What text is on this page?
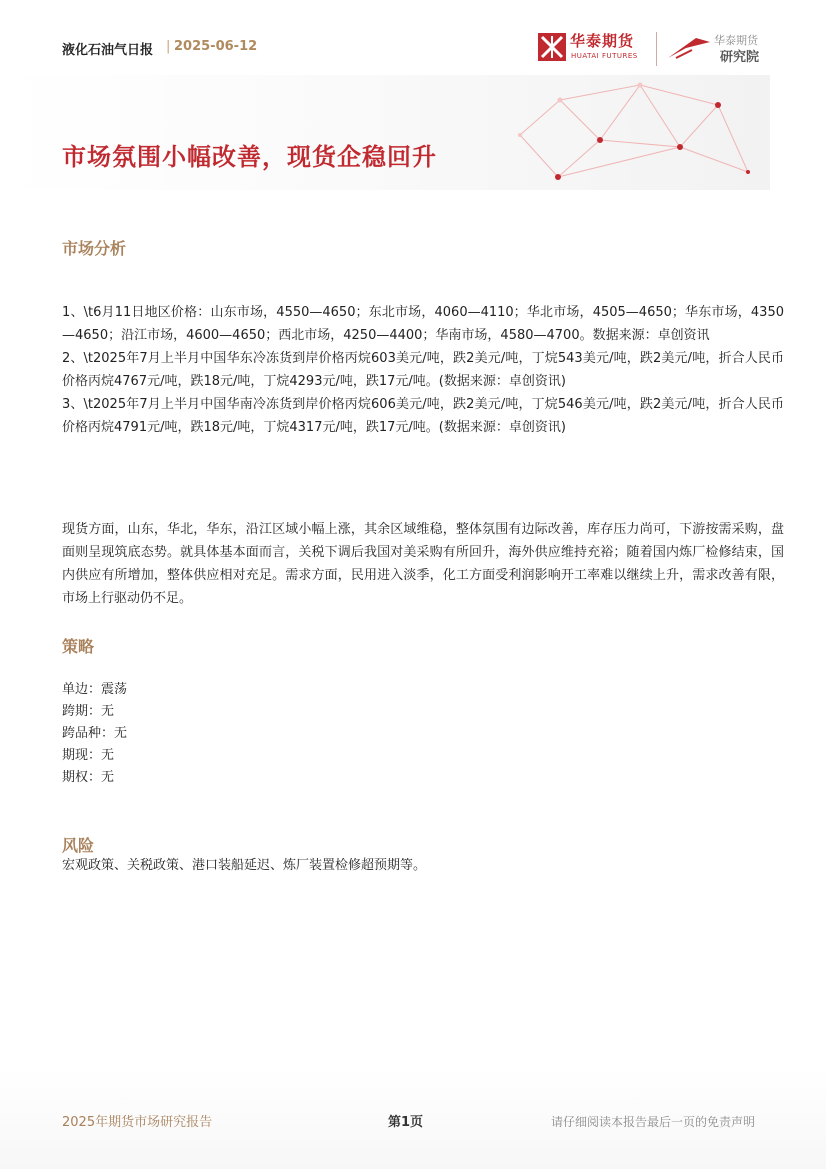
液化石油气日报 | 2025-06-12	华泰期货
HUATAI FUTURES
华泰期货
研究院
市场氛围小幅改善，现货企稳回升
市场分析

1、\t6月11日地区价格：山东市场，4550—4650；东北市场，4060—4110；华北市场，4505—4650；华东市场，4350—4650；沿江市场，4600—4650；西北市场，4250—4400；华南市场，4580—4700。数据来源：卓创资讯

2、\t2025年7月上半月中国华东冷冻货到岸价格丙烷603美元/吨，跌2美元/吨，丁烷543美元/吨，跌2美元/吨，折合人民币价格丙烷4767元/吨，跌18元/吨，丁烷4293元/吨，跌17元/吨。(数据来源：卓创资讯)

3、\t2025年7月上半月中国华南冷冻货到岸价格丙烷606美元/吨，跌2美元/吨，丁烷546美元/吨，跌2美元/吨，折合人民币价格丙烷4791元/吨，跌18元/吨，丁烷4317元/吨，跌17元/吨。(数据来源：卓创资讯)

现货方面，山东，华北，华东，沿江区域小幅上涨，其余区域维稳，整体氛围有边际改善，库存压力尚可，下游按需采购，盘面则呈现筑底态势。就具体基本面而言，关税下调后我国对美采购有所回升，海外供应维持充裕；随着国内炼厂检修结束，国内供应有所增加，整体供应相对充足。需求方面，民用进入淡季，化工方面受利润影响开工率难以继续上升，需求改善有限，市场上行驱动仍不足。
策略
单边：震荡
跨期：无
跨品种：无
期现：无
期权：无
风险
宏观政策、关税政策、港口装船延迟、炼厂装置检修超预期等。
2025年期货市场研究报告	第1页	请仔细阅读本报告最后一页的免责声明
